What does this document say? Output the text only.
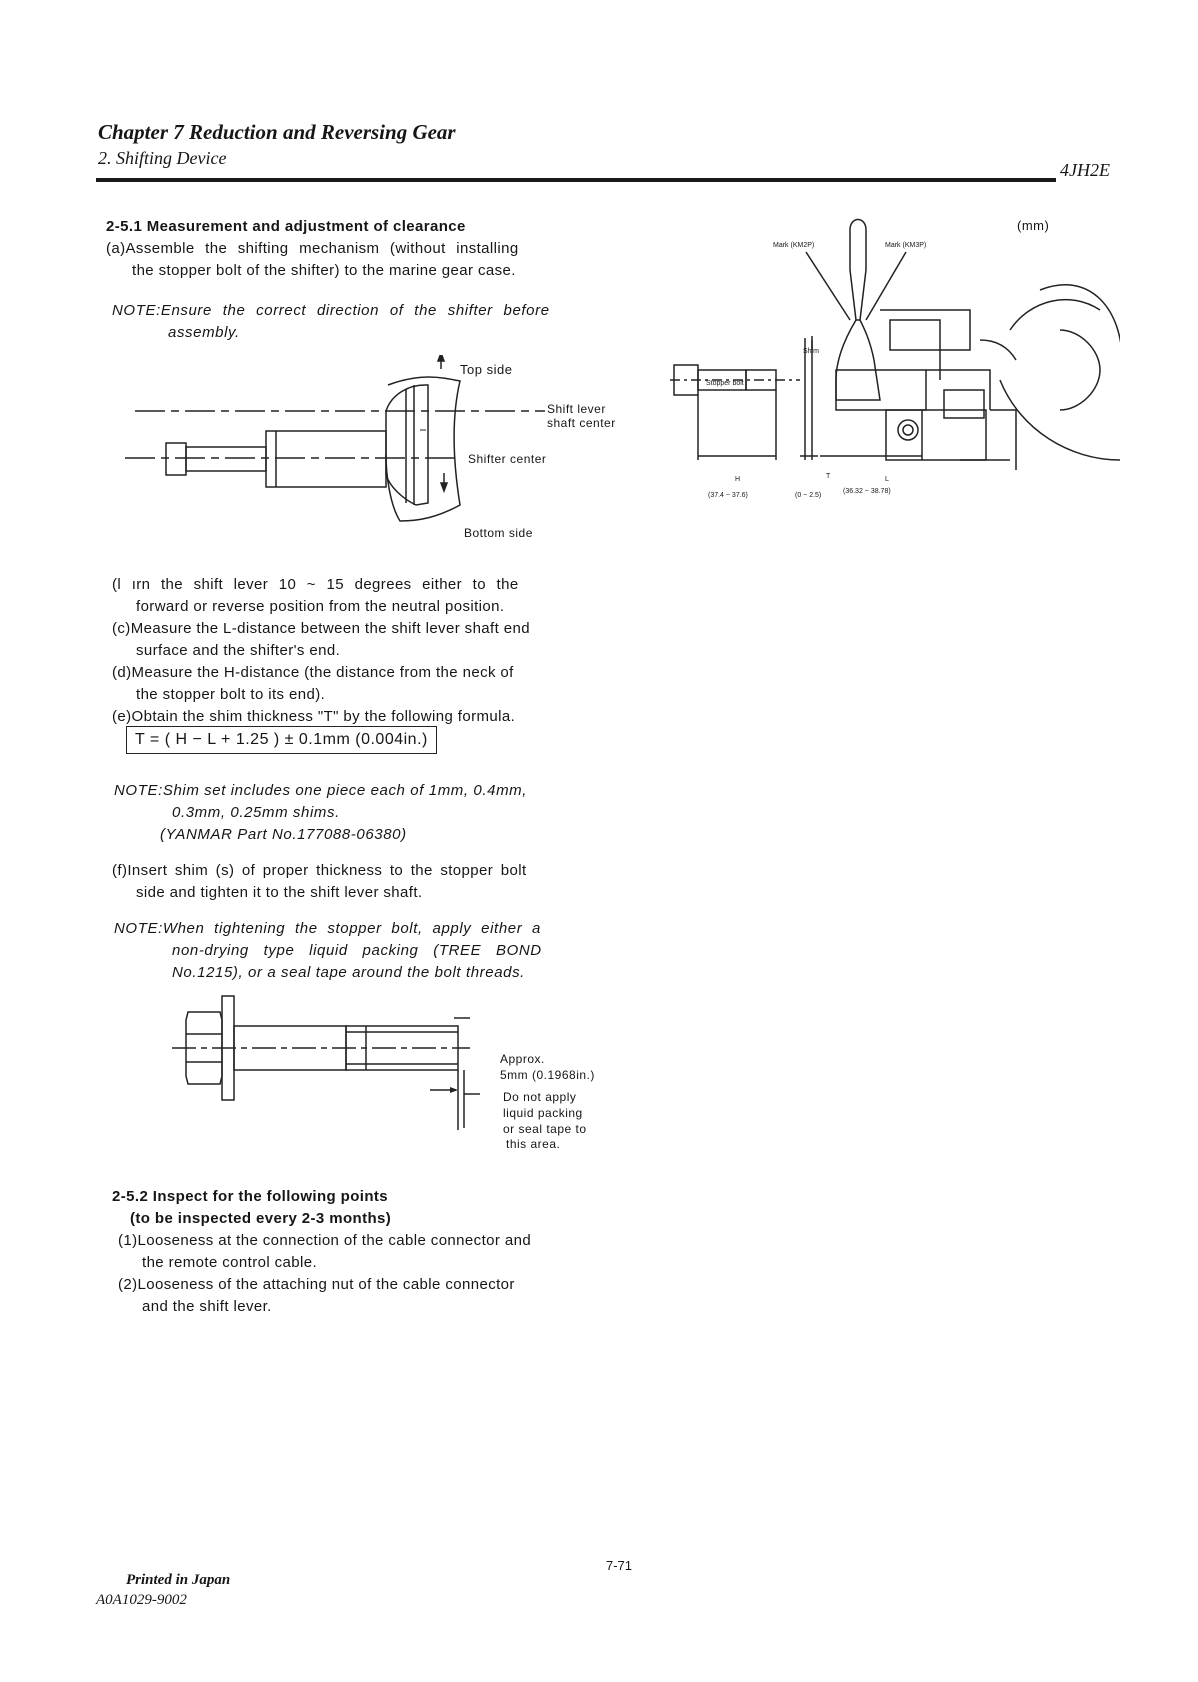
Chapter 7 Reduction and Reversing Gear
2. Shifting Device
4JH2E
2-5.1 Measurement and adjustment of clearance
(a)Assemble the shifting mechanism (without installing
the stopper bolt of the shifter) to the marine gear case.
NOTE:Ensure the correct direction of the shifter before
assembly.
Top side
Shift lever
shaft center
Shifter center
Bottom side
(l ırn the shift lever 10 ~ 15 degrees either to the
forward or reverse position from the neutral position.
(c)Measure the L-distance between the shift lever shaft end
surface and the shifter's end.
(d)Measure the H-distance (the distance from the neck of
the stopper bolt to its end).
(e)Obtain the shim thickness "T" by the following formula.
T = ( H − L + 1.25 ) ± 0.1mm (0.004in.)
NOTE:Shim set includes one piece each of 1mm, 0.4mm,
0.3mm, 0.25mm shims.
(YANMAR Part No.177088-06380)
(f)Insert shim (s) of proper thickness to the stopper bolt
side and tighten it to the shift lever shaft.
NOTE:When tightening the stopper bolt, apply either a
non-drying type liquid packing (TREE BOND
No.1215), or a seal tape around the bolt threads.
Approx.
5mm (0.1968in.)
Do not apply
liquid packing
or seal tape to
this area.
2-5.2 Inspect for the following points
(to be inspected every 2-3 months)
(1)Looseness at the connection of the cable connector and
the remote control cable.
(2)Looseness of the attaching nut of the cable connector
and the shift lever.
(mm)
Mark (KM2P)	Mark (KM3P)
Shim
Stopper bolt
H	T	L
(37.4 ~ 37.6)	(0 ~ 2.5)
(36.32 ~ 38.78)
7-71
Printed in Japan
A0A1029-9002
